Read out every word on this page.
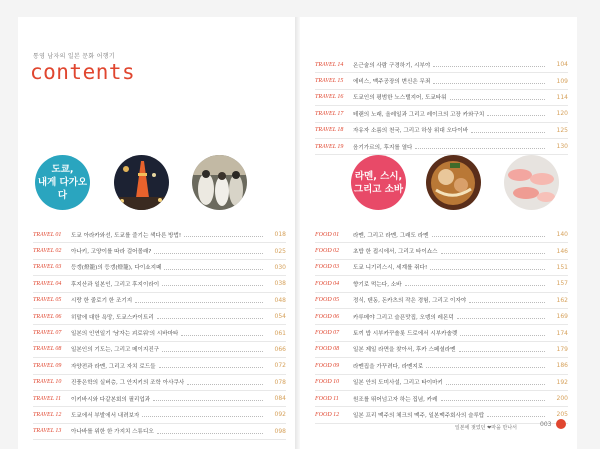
통영 남자의 일본 문화 어행기
contents
도쿄,
내게 다가오다
TRAVEL 01	도쿄 아라카와선, 도쿄를 즐기는 색다른 방법!	018
TRAVEL 02	아나키, 고양이를 따라 걸어볼래?	025
TRAVEL 03	등갱(燈籠)의 등갱(燈籠), 다이쇼지떼	030
TRAVEL 04	후지산과 일본인, 그리고 후지이라이	038
TRAVEL 05	시랑 한 줄로기 한 조기지	048
TRAVEL 06	히말에 대한 욕망, 도쿄스카이트리	054
TRAVEL 07	일본의 인연일기 '남자는 괴로워'의 시바마타	061
TRAVEL 08	일본인의 기도는, 그리고 메이지진구	066
TRAVEL 09	자양전과 라멘, 그리고 자치 로드들	072
TRAVEL 10	진풍은학의 실버층, 그 안지키의 조학 아사쿠사	078
TRAVEL 11	이키바시와 다같본회의 필리업과	084
TRAVEL 12	도쿄에서 부발에서 내려보자	092
TRAVEL 13	아나바를 위한 한 가지치 스튜디오	098
TRAVEL 14	온근술의 사람 구경하기, 시부야	104
TRAVEL 15	에비스, 맥주공장의 변신은 무죄	109
TRAVEL 16	도쿄인의 평범한 노스탤지어, 도쿄타워	114
TRAVEL 17	테랜의 노래, 올레일과 그리고 레이크의 고장 카와구치	120
TRAVEL 18	자유자 소름의 천국, 그리고 하상 위대 오다이바	125
TRAVEL 19	음기가르의, 후지를 열다	130
라멘, 스시,
그리고 소바
FOOD 01	라멘, 그리고 라멘, 그래도 라멘	140
FOOD 02	초밥 한 접시에서, 그리고 타이쇼스	146
FOOD 03	도쿄 니기리스시, 세계를 쥐다!	151
FOOD 04	향기로 먹는다, 소바	157
FOOD 05	정식, 텐동, 돈카츠의 작은 경험, 그리고 이자야	162
FOOD 06	카루메야 그리고 슬픈맛집, 오뎅의 레몬덕	169
FOOD 07	토끼 밥 시부카꾸솔롯 드로에서 시부카솔렛	174
FOOD 08	일본 제일 라면을 찾아서, 후카 스페셜라멘	179
FOOD 09	라멘집을 가꾸려다, 라멘지로	186
FOOD 10	일본 안의 도미사설, 그리고 타이마키	192
FOOD 11	원조를 뛰어넘고자 하는 집념, 카레	200
FOOD 12	일본 프리 맥주의 체크의 맥주, 일본맥주회사의 슬루탑	205
일본에 젖었던 ❤마을 만나서	003
